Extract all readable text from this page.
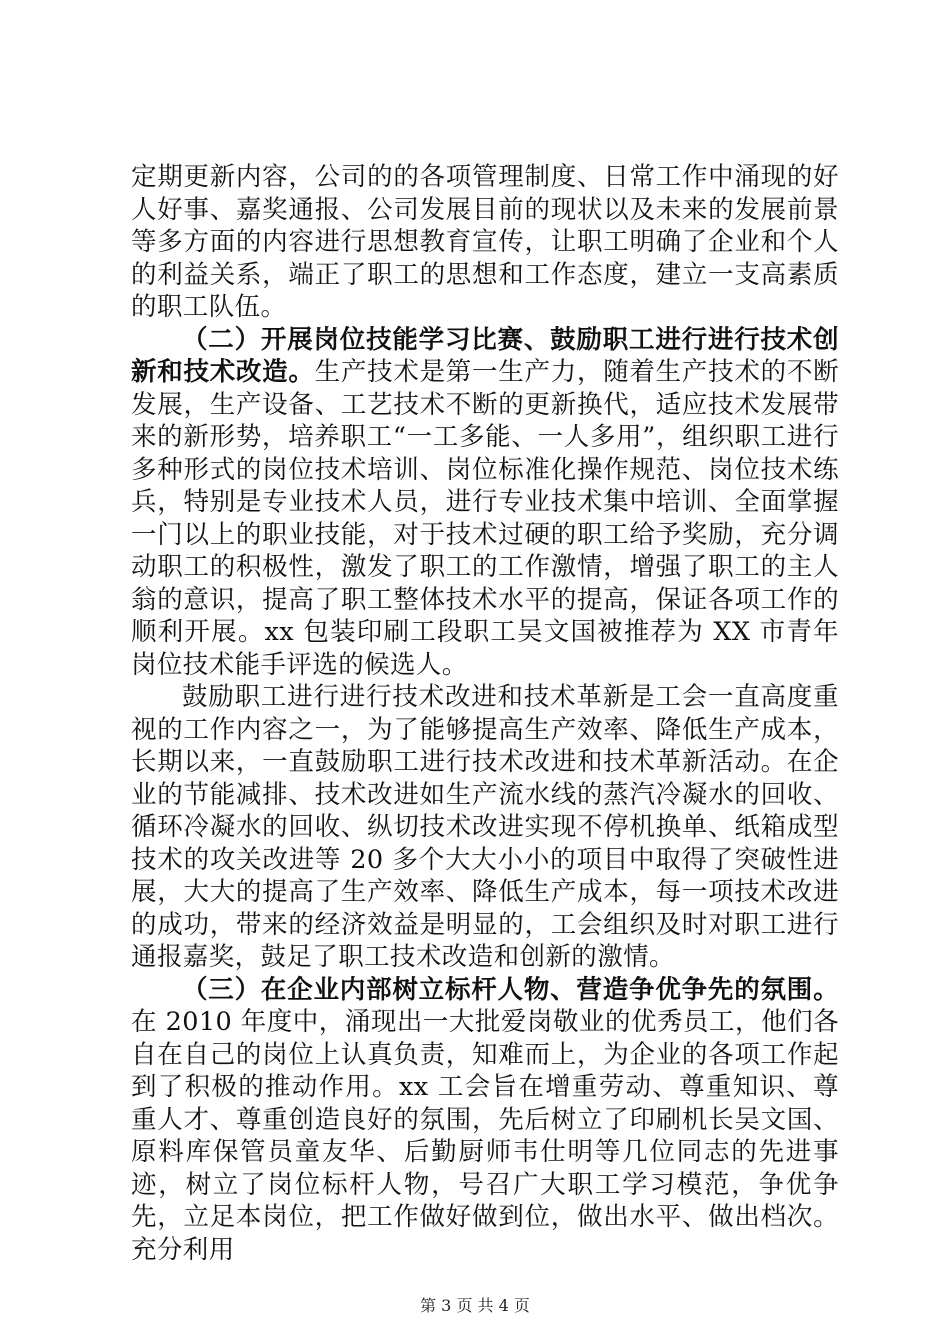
定期更新内容，公司的的各项管理制度、日常工作中涌现的好人好事、嘉奖通报、公司发展目前的现状以及未来的发展前景等多方面的内容进行思想教育宣传，让职工明确了企业和个人的利益关系，端正了职工的思想和工作态度，建立一支高素质的职工队伍。

（二）开展岗位技能学习比赛、鼓励职工进行进行技术创新和技术改造。生产技术是第一生产力，随着生产技术的不断发展，生产设备、工艺技术不断的更新换代，适应技术发展带来的新形势，培养职工“一工多能、一人多用”，组织职工进行多种形式的岗位技术培训、岗位标准化操作规范、岗位技术练兵，特别是专业技术人员，进行专业技术集中培训、全面掌握一门以上的职业技能，对于技术过硬的职工给予奖励，充分调动职工的积极性，激发了职工的工作激情，增强了职工的主人翁的意识，提高了职工整体技术水平的提高，保证各项工作的顺利开展。xx 包装印刷工段职工吴文国被推荐为 XX 市青年岗位技术能手评选的候选人。

鼓励职工进行进行技术改进和技术革新是工会一直高度重视的工作内容之一，为了能够提高生产效率、降低生产成本，长期以来，一直鼓励职工进行技术改进和技术革新活动。在企业的节能减排、技术改进如生产流水线的蒸汽冷凝水的回收、循环冷凝水的回收、纵切技术改进实现不停机换单、纸箱成型技术的攻关改进等 20 多个大大小小的项目中取得了突破性进展，大大的提高了生产效率、降低生产成本，每一项技术改进的成功，带来的经济效益是明显的，工会组织及时对职工进行通报嘉奖，鼓足了职工技术改造和创新的激情。

（三）在企业内部树立标杆人物、营造争优争先的氛围。在 2010 年度中，涌现出一大批爱岗敬业的优秀员工，他们各自在自己的岗位上认真负责，知难而上，为企业的各项工作起到了积极的推动作用。xx 工会旨在增重劳动、尊重知识、尊重人才、尊重创造良好的氛围，先后树立了印刷机长吴文国、原料库保管员童友华、后勤厨师韦仕明等几位同志的先进事迹，树立了岗位标杆人物，号召广大职工学习模范，争优争先，立足本岗位，把工作做好做到位，做出水平、做出档次。充分利用

第 3 页 共 4 页
